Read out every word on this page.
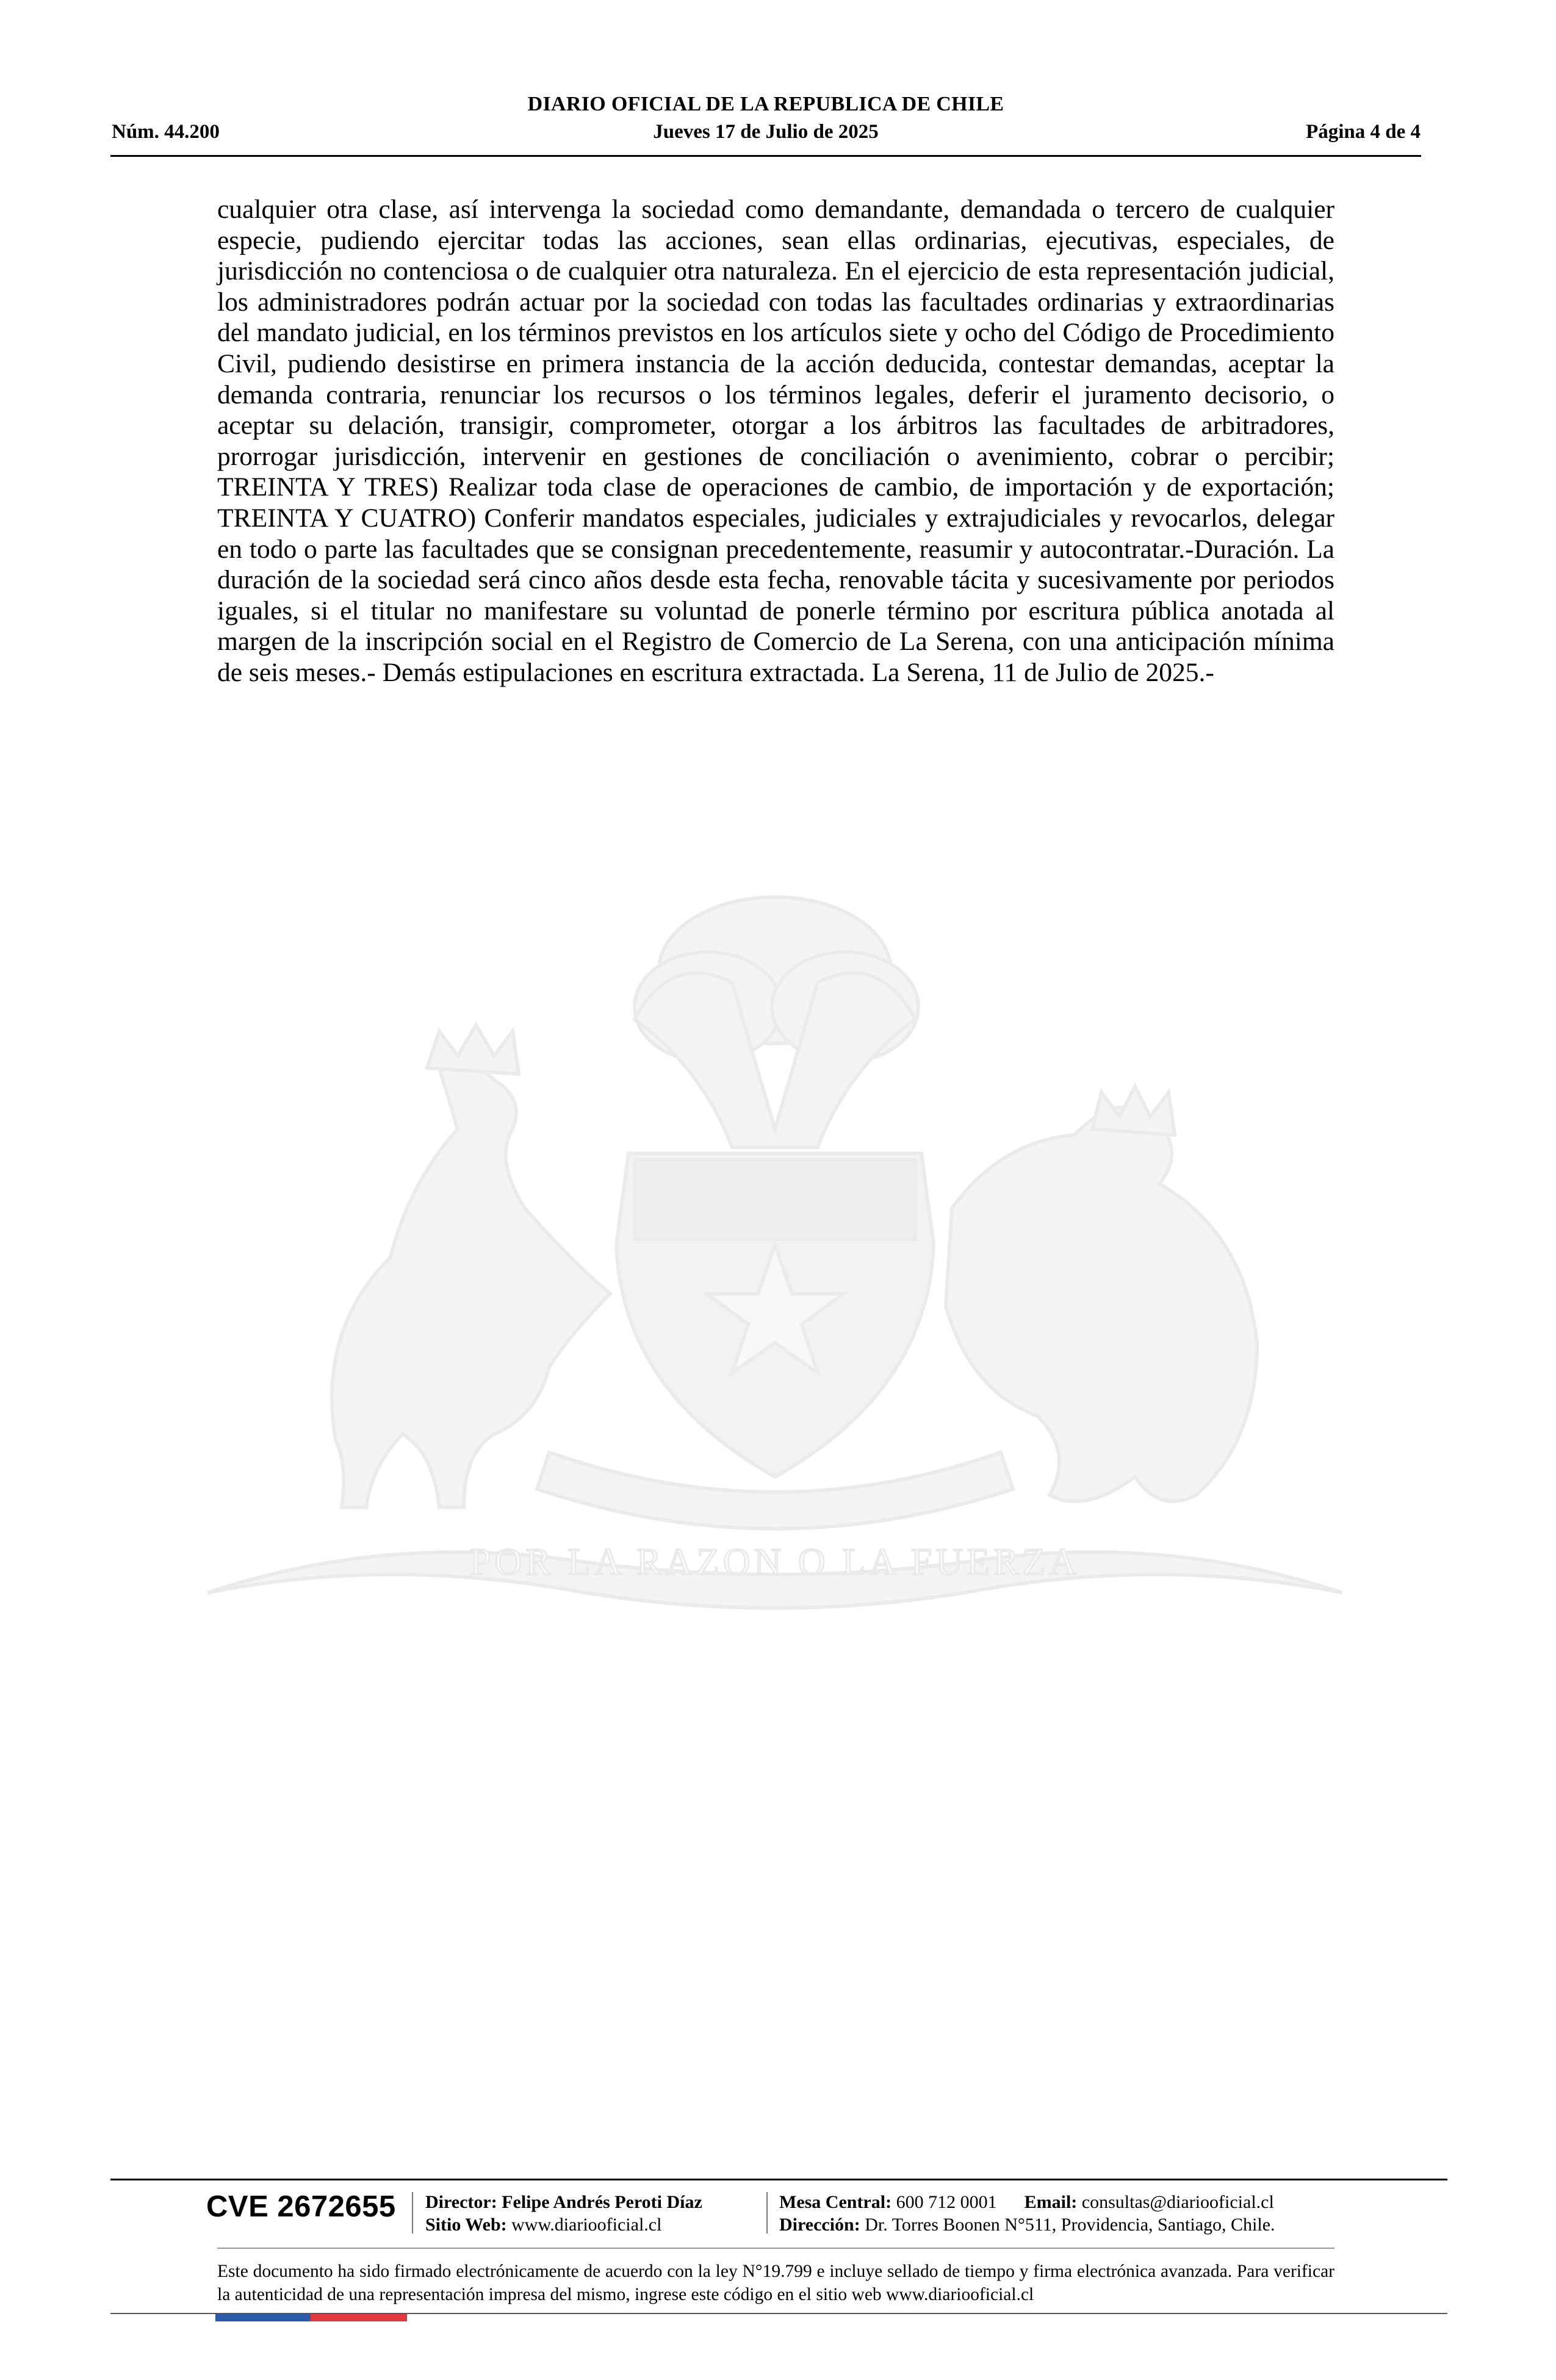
DIARIO OFICIAL DE LA REPUBLICA DE CHILE
Núm. 44.200	Jueves 17 de Julio de 2025	Página 4 de 4
POR LA RAZON O LA FUERZA
cualquier otra clase, así intervenga la sociedad como demandante, demandada o tercero de cualquier especie, pudiendo ejercitar todas las acciones, sean ellas ordinarias, ejecutivas, especiales, de jurisdicción no contenciosa o de cualquier otra naturaleza. En el ejercicio de esta representación judicial, los administradores podrán actuar por la sociedad con todas las facultades ordinarias y extraordinarias del mandato judicial, en los términos previstos en los artículos siete y ocho del Código de Procedimiento Civil, pudiendo desistirse en primera instancia de la acción deducida, contestar demandas, aceptar la demanda contraria, renunciar los recursos o los términos legales, deferir el juramento decisorio, o aceptar su delación, transigir, comprometer, otorgar a los árbitros las facultades de arbitradores, prorrogar jurisdicción, intervenir en gestiones de conciliación o avenimiento, cobrar o percibir; TREINTA Y TRES) Realizar toda clase de operaciones de cambio, de importación y de exportación; TREINTA Y CUATRO) Conferir mandatos especiales, judiciales y extrajudiciales y revocarlos, delegar en todo o parte las facultades que se consignan precedentemente, reasumir y autocontratar.-Duración. La duración de la sociedad será cinco años desde esta fecha, renovable tácita y sucesivamente por periodos iguales, si el titular no manifestare su voluntad de ponerle término por escritura pública anotada al margen de la inscripción social en el Registro de Comercio de La Serena, con una anticipación mínima de seis meses.- Demás estipulaciones en escritura extractada. La Serena, 11 de Julio de 2025.-
CVE 2672655 Director: Felipe Andrés Peroti Díaz
Sitio Web: www.diariooficial.cl
Mesa Central: 600 712 0001 Email: consultas@diariooficial.cl
Dirección: Dr. Torres Boonen N°511, Providencia, Santiago, Chile.
Este documento ha sido firmado electrónicamente de acuerdo con la ley N°19.799 e incluye sellado de tiempo y firma electrónica avanzada. Para verificar la autenticidad de una representación impresa del mismo, ingrese este código en el sitio web www.diariooficial.cl
